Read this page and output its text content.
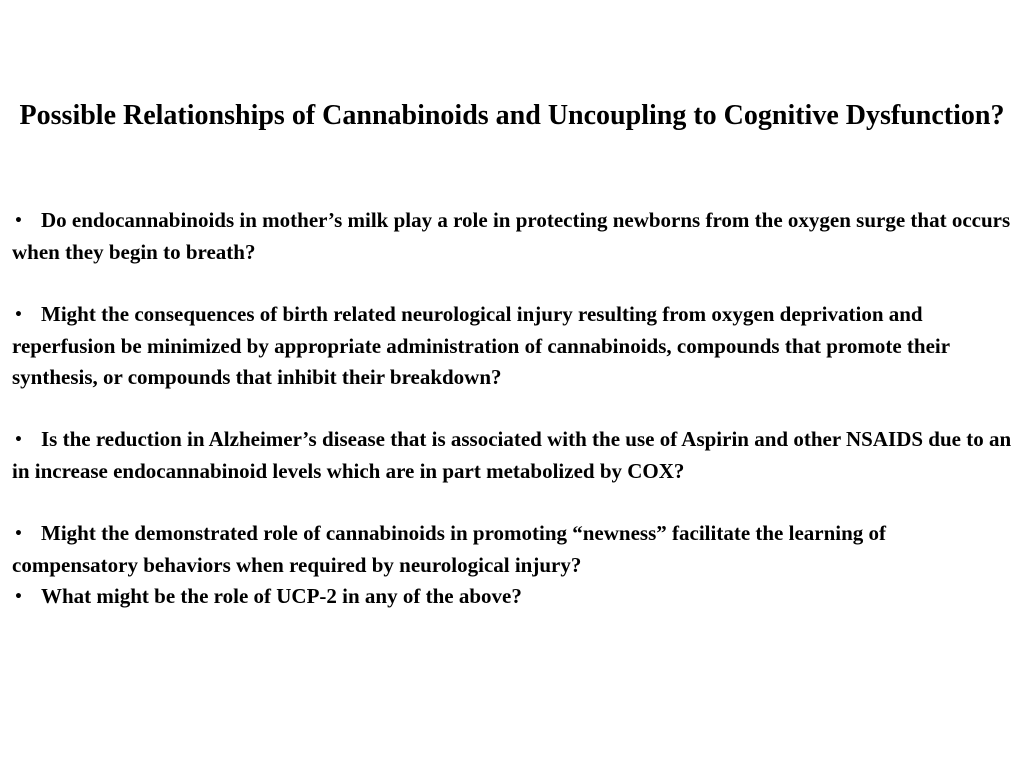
Possible Relationships of Cannabinoids and Uncoupling to Cognitive Dysfunction?

• Do endocannabinoids in mother’s milk play a role in protecting newborns from the oxygen surge that occurs when they begin to breath?

• Might the consequences of birth related neurological injury resulting from oxygen deprivation and reperfusion be minimized by appropriate administration of cannabinoids, compounds that promote their synthesis, or compounds that inhibit their breakdown?

• Is the reduction in Alzheimer’s disease that is associated with the use of Aspirin and other NSAIDS due to an in increase endocannabinoid levels which are in part metabolized by COX?

• Might the demonstrated role of cannabinoids in promoting “newness” facilitate the learning of compensatory behaviors when required by neurological injury?

• What might be the role of UCP-2 in any of the above?
